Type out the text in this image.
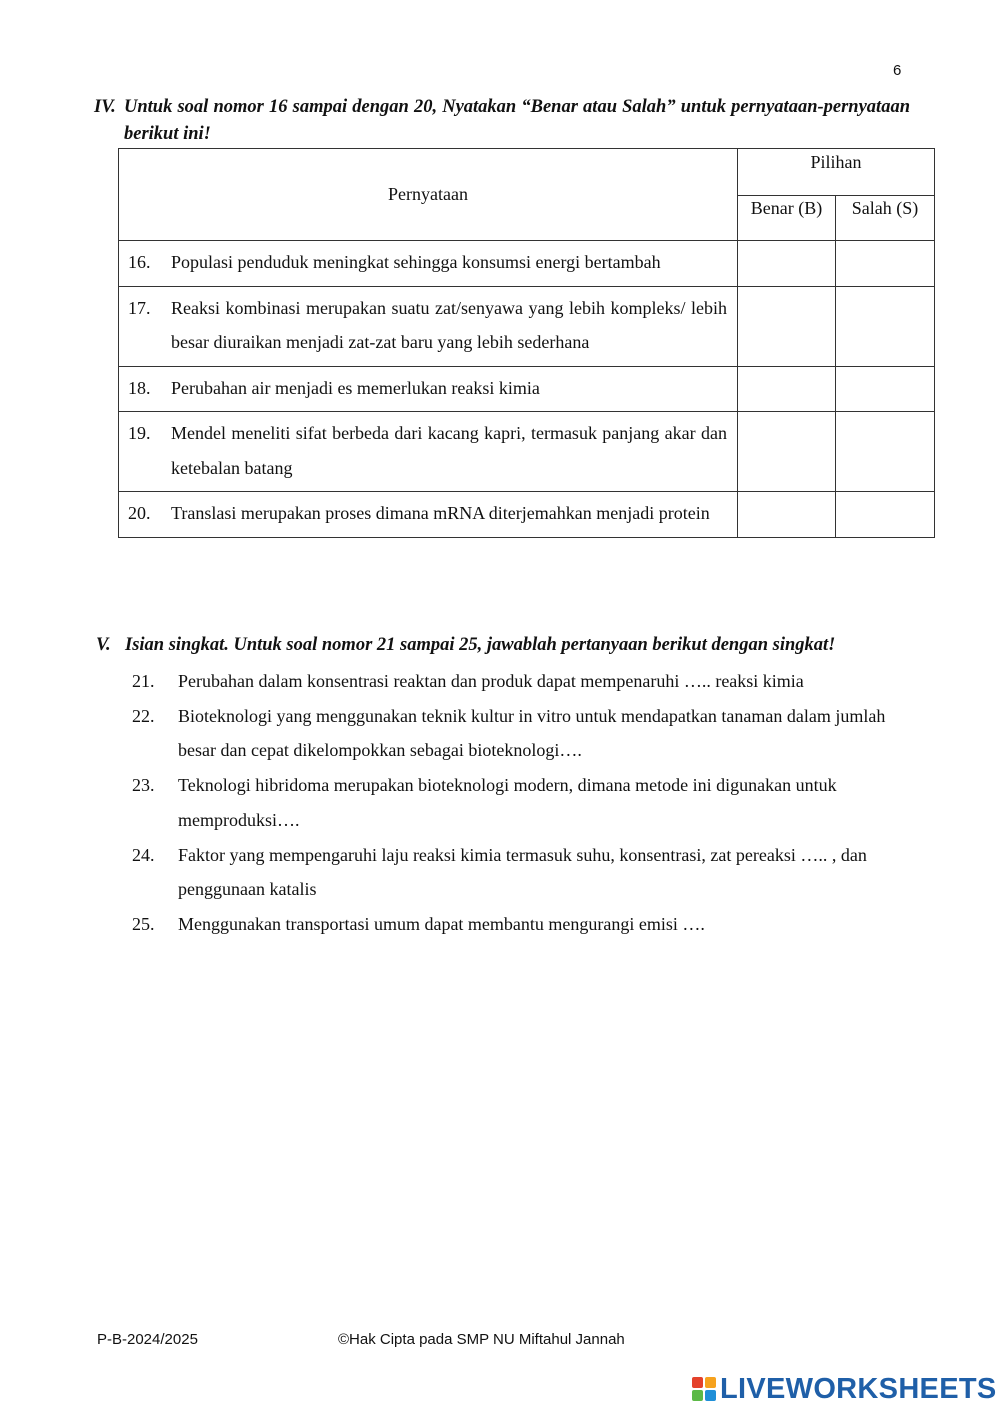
6
IV. Untuk soal nomor 16 sampai dengan 20, Nyatakan “Benar atau Salah” untuk pernyataan-pernyataan berikut ini!
Pernyataan	Pilihan	
	Benar (B)	Salah (S)

16. Populasi penduduk meningkat sehingga konsumsi energi bertambah		

17. Reaksi kombinasi merupakan suatu zat/senyawa yang lebih kompleks/ lebih besar diuraikan menjadi zat-zat baru yang lebih sederhana		

18. Perubahan air menjadi es memerlukan reaksi kimia		

19. Mendel meneliti sifat berbeda dari kacang kapri, termasuk panjang akar dan ketebalan batang		

20. Translasi merupakan proses dimana mRNA diterjemahkan menjadi protein		

V. Isian singkat. Untuk soal nomor 21 sampai 25, jawablah pertanyaan berikut dengan singkat!
21.	Perubahan dalam konsentrasi reaktan dan produk dapat mempenaruhi ….. reaksi kimia
22.	Bioteknologi yang menggunakan teknik kultur in vitro untuk mendapatkan tanaman dalam jumlah besar dan cepat dikelompokkan sebagai bioteknologi….
23.	Teknologi hibridoma merupakan bioteknologi modern, dimana metode ini digunakan untuk memproduksi….
24.	Faktor yang mempengaruhi laju reaksi kimia termasuk suhu, konsentrasi, zat pereaksi ….. , dan penggunaan katalis
25.	Menggunakan transportasi umum dapat membantu mengurangi emisi ….
P-B-2024/2025	©Hak Cipta pada SMP NU Miftahul Jannah
LIVEWORKSHEETS
